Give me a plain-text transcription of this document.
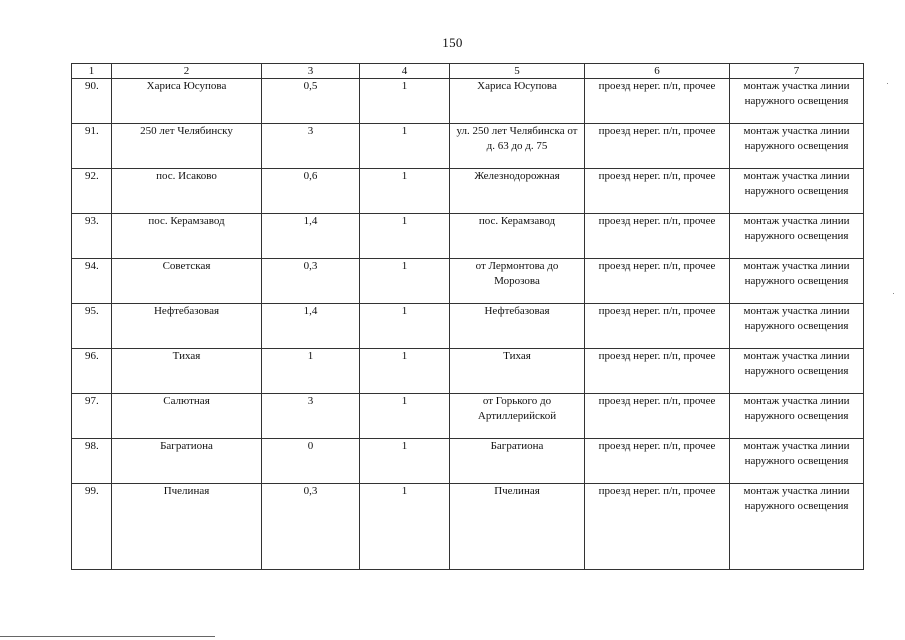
150
1	2	3	4	5	6	7
90.	Хариса Юсупова	0,5	1	Хариса Юсупова	проезд нерег. п/п, прочее	монтаж участка линии наружного освещения
91.	250 лет Челябинску	3	1	ул. 250 лет Челябинска от д. 63 до д. 75	проезд нерег. п/п, прочее	монтаж участка линии наружного освещения
92.	пос. Исаково	0,6	1	Железнодорожная	проезд нерег. п/п, прочее	монтаж участка линии наружного освещения
93.	пос. Керамзавод	1,4	1	пос. Керамзавод	проезд нерег. п/п, прочее	монтаж участка линии наружного освещения
94.	Советская	0,3	1	от Лермонтова до Морозова	проезд нерег. п/п, прочее	монтаж участка линии наружного освещения
95.	Нефтебазовая	1,4	1	Нефтебазовая	проезд нерег. п/п, прочее	монтаж участка линии наружного освещения
96.	Тихая	1	1	Тихая	проезд нерег. п/п, прочее	монтаж участка линии наружного освещения
97.	Салютная	3	1	от Горького до Артиллерийской	проезд нерег. п/п, прочее	монтаж участка линии наружного освещения
98.	Багратиона	0	1	Багратиона	проезд нерег. п/п, прочее	монтаж участка линии наружного освещения
99.	Пчелиная	0,3	1	Пчелиная	проезд нерег. п/п, прочее	монтаж участка линии наружного освещения
